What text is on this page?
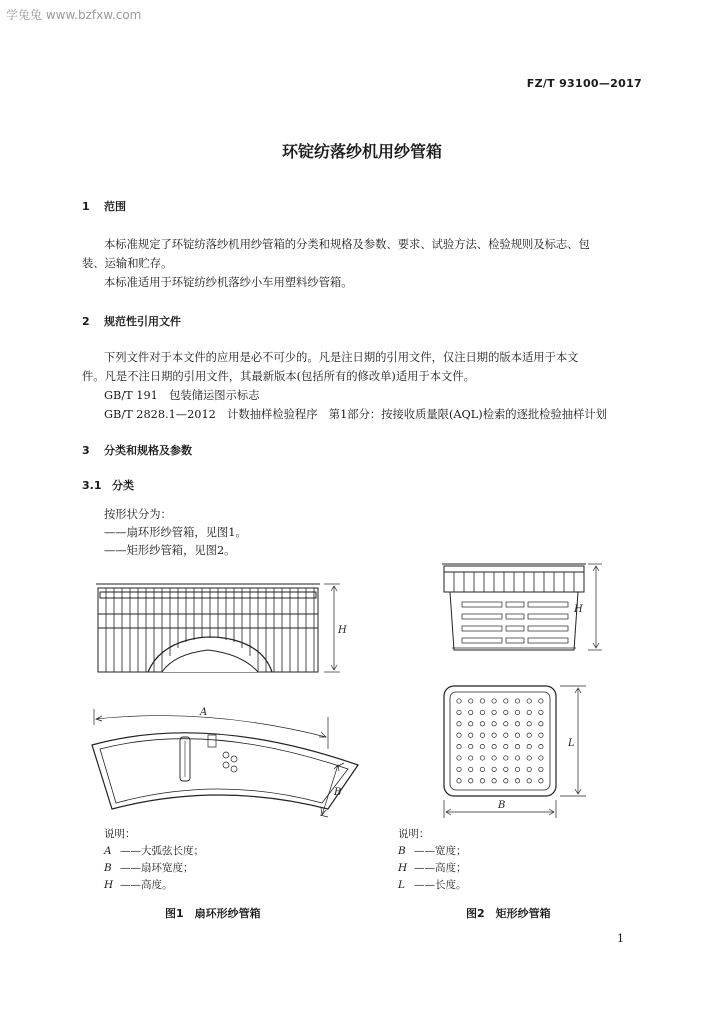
学兔兔 www.bzfxw.com
FZ/T 93100—2017
环锭纺落纱机用纱管箱
1 范围
本标准规定了环锭纺落纱机用纱管箱的分类和规格及参数、要求、试验方法、检验规则及标志、包
装、运输和贮存。
本标准适用于环锭纺纱机落纱小车用塑料纱管箱。
2 规范性引用文件
下列文件对于本文件的应用是必不可少的。凡是注日期的引用文件，仅注日期的版本适用于本文
件。凡是不注日期的引用文件，其最新版本(包括所有的修改单)适用于本文件。
GB/T 191　包装储运图示标志
GB/T 2828.1—2012　计数抽样检验程序　第1部分：按接收质量限(AQL)检索的逐批检验抽样计划
3 分类和规格及参数
3.1 分类
按形状分为：
——扇环形纱管箱，见图1。
——矩形纱管箱，见图2。
H
A
B
H
L
B
说明：
A ——大弧弦长度；
B ——扇环宽度；
H ——高度。
说明：
B ——宽度；
H ——高度；
L ——长度。
图1　扇环形纱管箱	图2　矩形纱管箱
1
